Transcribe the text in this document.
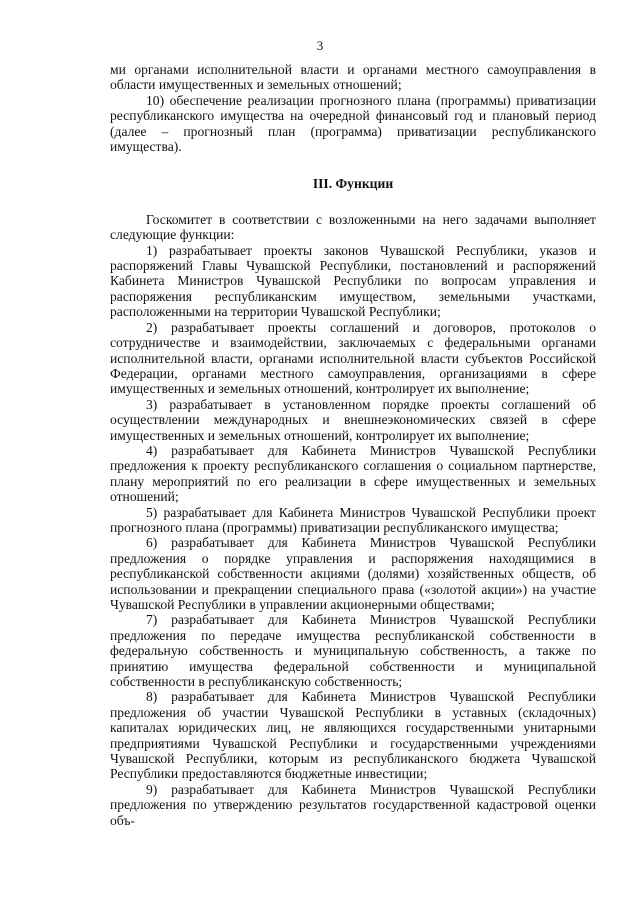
3

ми органами исполнительной власти и органами местного самоуправления в области имущественных и земельных отношений;

10) обеспечение реализации прогнозного плана (программы) приватизации республиканского имущества на очередной финансовый год и плановый период (далее – прогнозный план (программа) приватизации республиканского имущества).

III. Функции

Госкомитет в соответствии с возложенными на него задачами выполняет следующие функции:

1) разрабатывает проекты законов Чувашской Республики, указов и распоряжений Главы Чувашской Республики, постановлений и распоряжений Кабинета Министров Чувашской Республики по вопросам управления и распоряжения республиканским имуществом, земельными участками, расположенными на территории Чувашской Республики;

2) разрабатывает проекты соглашений и договоров, протоколов о сотрудничестве и взаимодействии, заключаемых с федеральными органами исполнительной власти, органами исполнительной власти субъектов Российской Федерации, органами местного самоуправления, организациями в сфере имущественных и земельных отношений, контролирует их выполнение;

3) разрабатывает в установленном порядке проекты соглашений об осуществлении международных и внешнеэкономических связей в сфере имущественных и земельных отношений, контролирует их выполнение;

4) разрабатывает для Кабинета Министров Чувашской Республики предложения к проекту республиканского соглашения о социальном партнерстве, плану мероприятий по его реализации в сфере имущественных и земельных отношений;

5) разрабатывает для Кабинета Министров Чувашской Республики проект прогнозного плана (программы) приватизации республиканского имущества;

6) разрабатывает для Кабинета Министров Чувашской Республики предложения о порядке управления и распоряжения находящимися в республиканской собственности акциями (долями) хозяйственных обществ, об использовании и прекращении специального права («золотой акции») на участие Чувашской Республики в управлении акционерными обществами;

7) разрабатывает для Кабинета Министров Чувашской Республики предложения по передаче имущества республиканской собственности в федеральную собственность и муниципальную собственность, а также по принятию имущества федеральной собственности и муниципальной собственности в республиканскую собственность;

8) разрабатывает для Кабинета Министров Чувашской Республики предложения об участии Чувашской Республики в уставных (складочных) капиталах юридических лиц, не являющихся государственными унитарными предприятиями Чувашской Республики и государственными учреждениями Чувашской Республики, которым из республиканского бюджета Чувашской Республики предоставляются бюджетные инвестиции;

9) разрабатывает для Кабинета Министров Чувашской Республики предложения по утверждению результатов государственной кадастровой оценки объ-
